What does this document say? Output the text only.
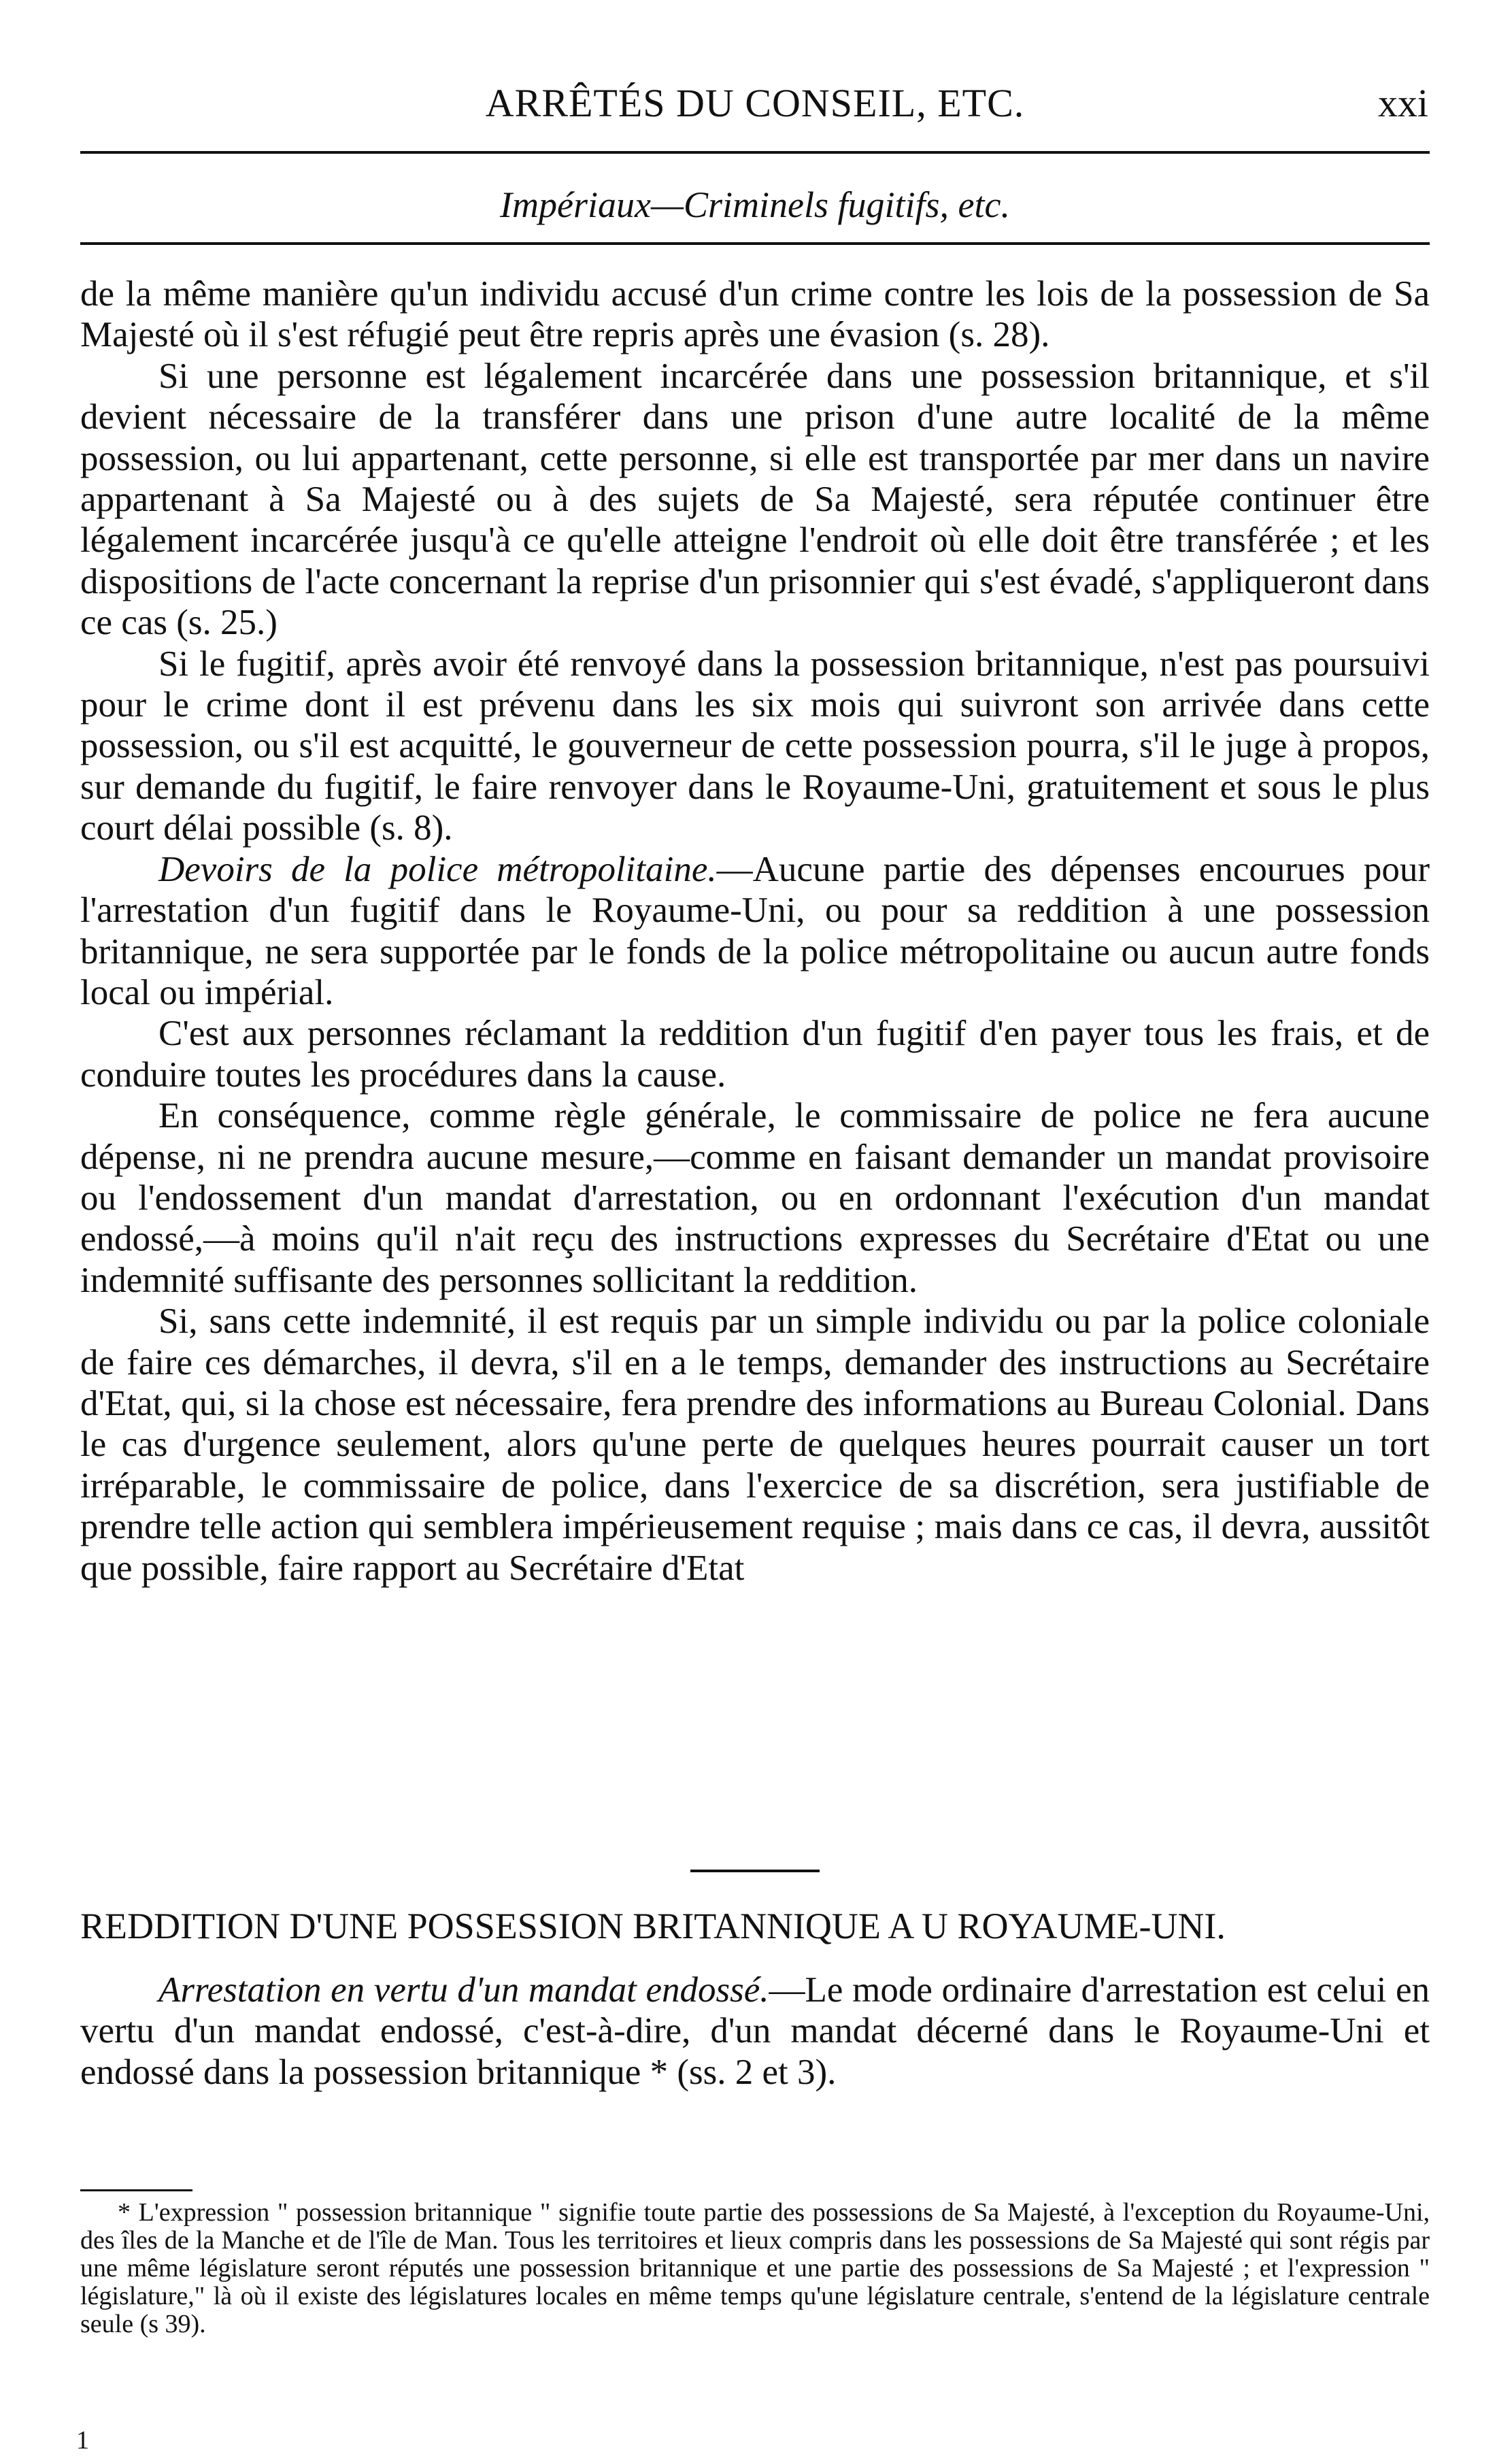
ARRÊTÉS DU CONSEIL, ETC.	xxi
Impériaux—Criminels fugitifs, etc.

de la même manière qu'un individu accusé d'un crime contre les lois de la possession de Sa Majesté où il s'est réfugié peut être repris après une évasion (s. 28).

Si une personne est légalement incarcérée dans une possession britannique, et s'il devient nécessaire de la transférer dans une prison d'une autre localité de la même possession, ou lui appartenant, cette personne, si elle est transportée par mer dans un navire appartenant à Sa Majesté ou à des sujets de Sa Majesté, sera réputée continuer être légalement incarcérée jusqu'à ce qu'elle atteigne l'endroit où elle doit être transférée ; et les dispositions de l'acte concernant la reprise d'un prisonnier qui s'est évadé, s'appliqueront dans ce cas (s. 25.)

Si le fugitif, après avoir été renvoyé dans la possession britannique, n'est pas poursuivi pour le crime dont il est prévenu dans les six mois qui suivront son arrivée dans cette possession, ou s'il est acquitté, le gouverneur de cette possession pourra, s'il le juge à propos, sur demande du fugitif, le faire renvoyer dans le Royaume-Uni, gratuitement et sous le plus court délai possible (s. 8).

Devoirs de la police métropolitaine.—Aucune partie des dépenses encourues pour l'arrestation d'un fugitif dans le Royaume-Uni, ou pour sa reddition à une possession britannique, ne sera supportée par le fonds de la police métropolitaine ou aucun autre fonds local ou impérial.

C'est aux personnes réclamant la reddition d'un fugitif d'en payer tous les frais, et de conduire toutes les procédures dans la cause.

En conséquence, comme règle générale, le commissaire de police ne fera aucune dépense, ni ne prendra aucune mesure,—comme en faisant demander un mandat provisoire ou l'endossement d'un mandat d'arrestation, ou en ordonnant l'exécution d'un mandat endossé,—à moins qu'il n'ait reçu des instructions expresses du Secrétaire d'Etat ou une indemnité suffisante des personnes sollicitant la reddition.

Si, sans cette indemnité, il est requis par un simple individu ou par la police coloniale de faire ces démarches, il devra, s'il en a le temps, demander des instructions au Secrétaire d'Etat, qui, si la chose est nécessaire, fera prendre des informations au Bureau Colonial. Dans le cas d'urgence seulement, alors qu'une perte de quelques heures pourrait causer un tort irréparable, le commissaire de police, dans l'exercice de sa discrétion, sera justifiable de prendre telle action qui semblera impérieusement requise ; mais dans ce cas, il devra, aussitôt que possible, faire rapport au Secrétaire d'Etat

REDDITION D'UNE POSSESSION BRITANNIQUE A U ROYAUME-UNI.

Arrestation en vertu d'un mandat endossé.—Le mode ordinaire d'arrestation est celui en vertu d'un mandat endossé, c'est-à-dire, d'un mandat décerné dans le Royaume-Uni et endossé dans la possession britannique * (ss. 2 et 3).

* L'expression " possession britannique " signifie toute partie des possessions de Sa Majesté, à l'exception du Royaume-Uni, des îles de la Manche et de l'île de Man. Tous les territoires et lieux compris dans les possessions de Sa Majesté qui sont régis par une même législature seront réputés une possession britannique et une partie des possessions de Sa Majesté ; et l'expression " législature," là où il existe des législatures locales en même temps qu'une législature centrale, s'entend de la législature centrale seule (s 39).

1
